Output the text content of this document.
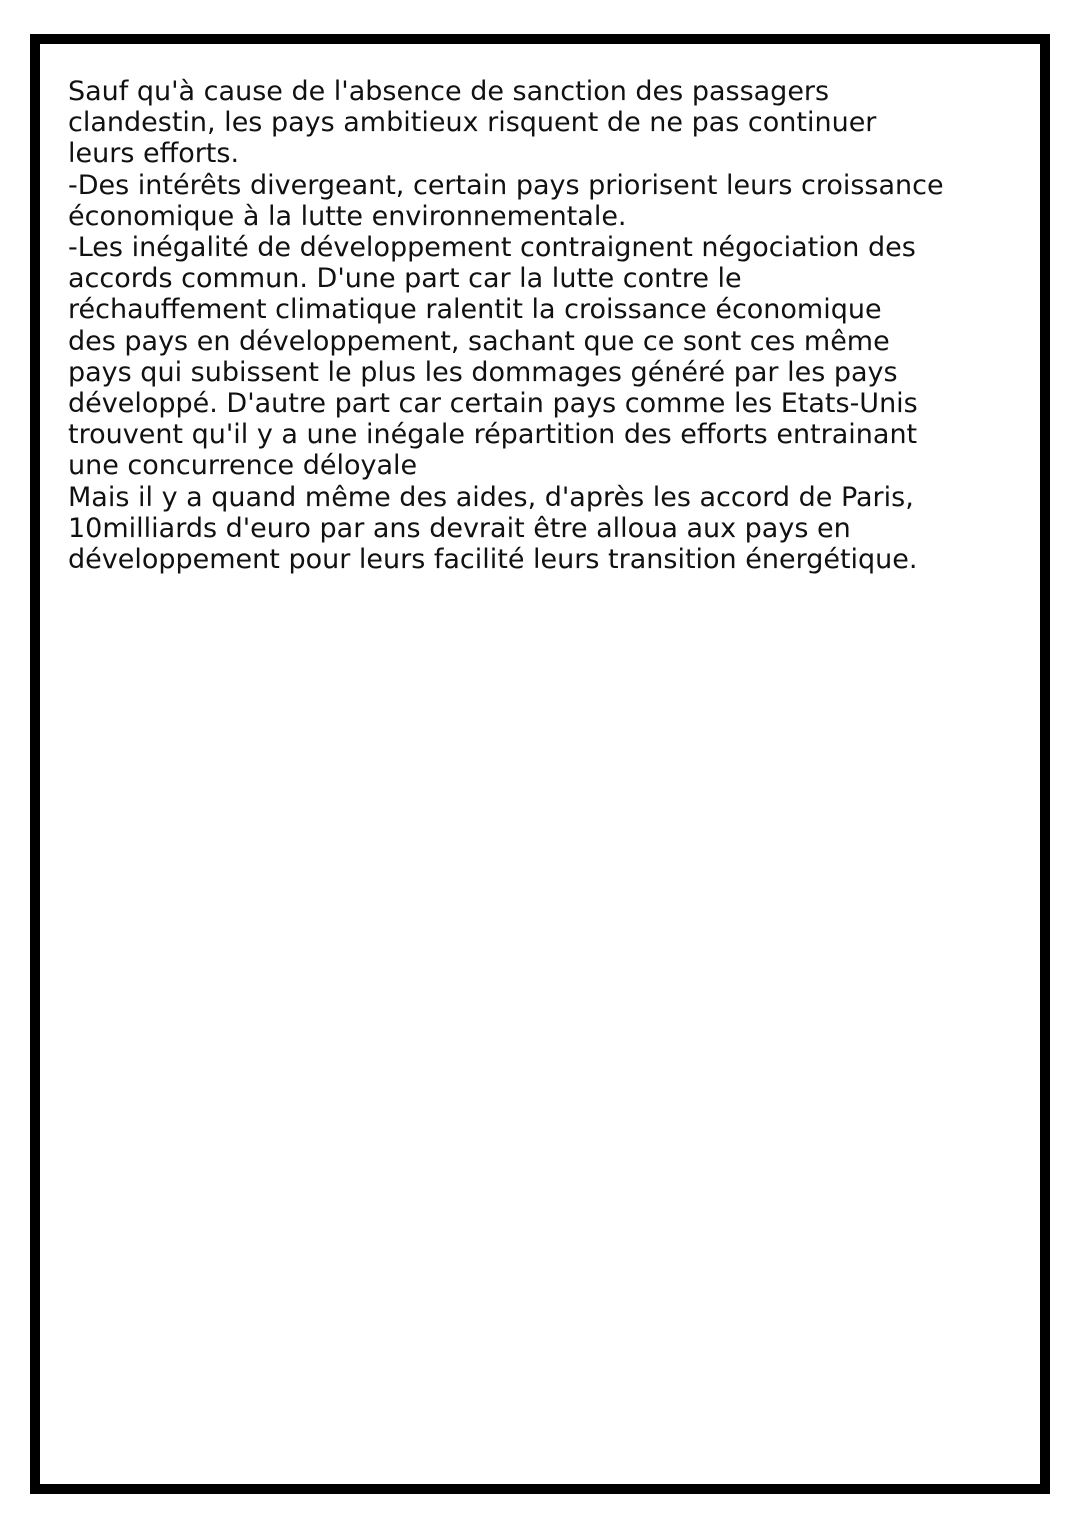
Sauf qu'à cause de l'absence de sanction des passagers
clandestin, les pays ambitieux risquent de ne pas continuer
leurs efforts.
-Des intérêts divergeant, certain pays priorisent leurs croissance
économique à la lutte environnementale.
-Les inégalité de développement contraignent négociation des
accords commun. D'une part car la lutte contre le
réchauffement climatique ralentit la croissance économique
des pays en développement, sachant que ce sont ces même
pays qui subissent le plus les dommages généré par les pays
développé. D'autre part car certain pays comme les Etats-Unis
trouvent qu'il y a une inégale répartition des efforts entrainant
une concurrence déloyale
Mais il y a quand même des aides, d'après les accord de Paris,
10milliards d'euro par ans devrait être alloua aux pays en
développement pour leurs facilité leurs transition énergétique.
